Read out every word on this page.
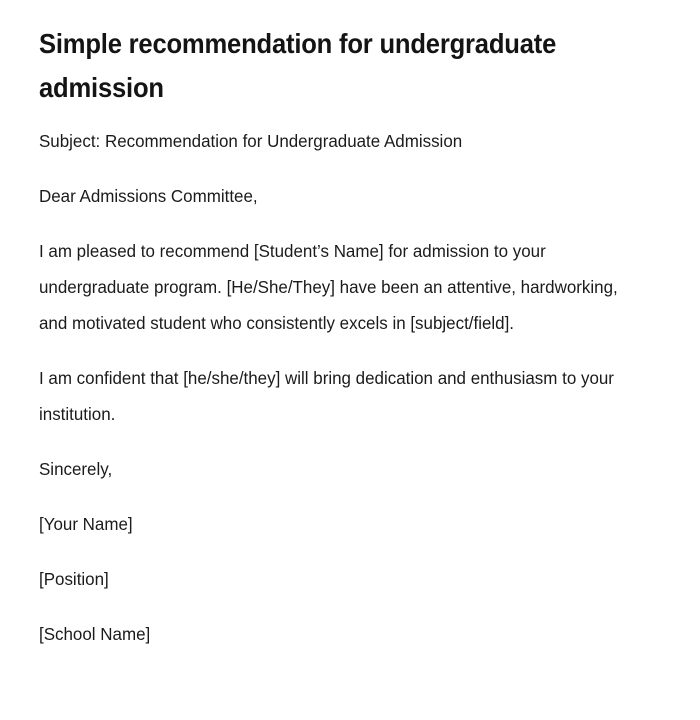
Simple recommendation for undergraduate admission

Subject: Recommendation for Undergraduate Admission

Dear Admissions Committee,

I am pleased to recommend [Student’s Name] for admission to your undergraduate program. [He/She/They] have been an attentive, hardworking, and motivated student who consistently excels in [subject/field].

I am confident that [he/she/they] will bring dedication and enthusiasm to your institution.

Sincerely,

[Your Name]

[Position]

[School Name]
